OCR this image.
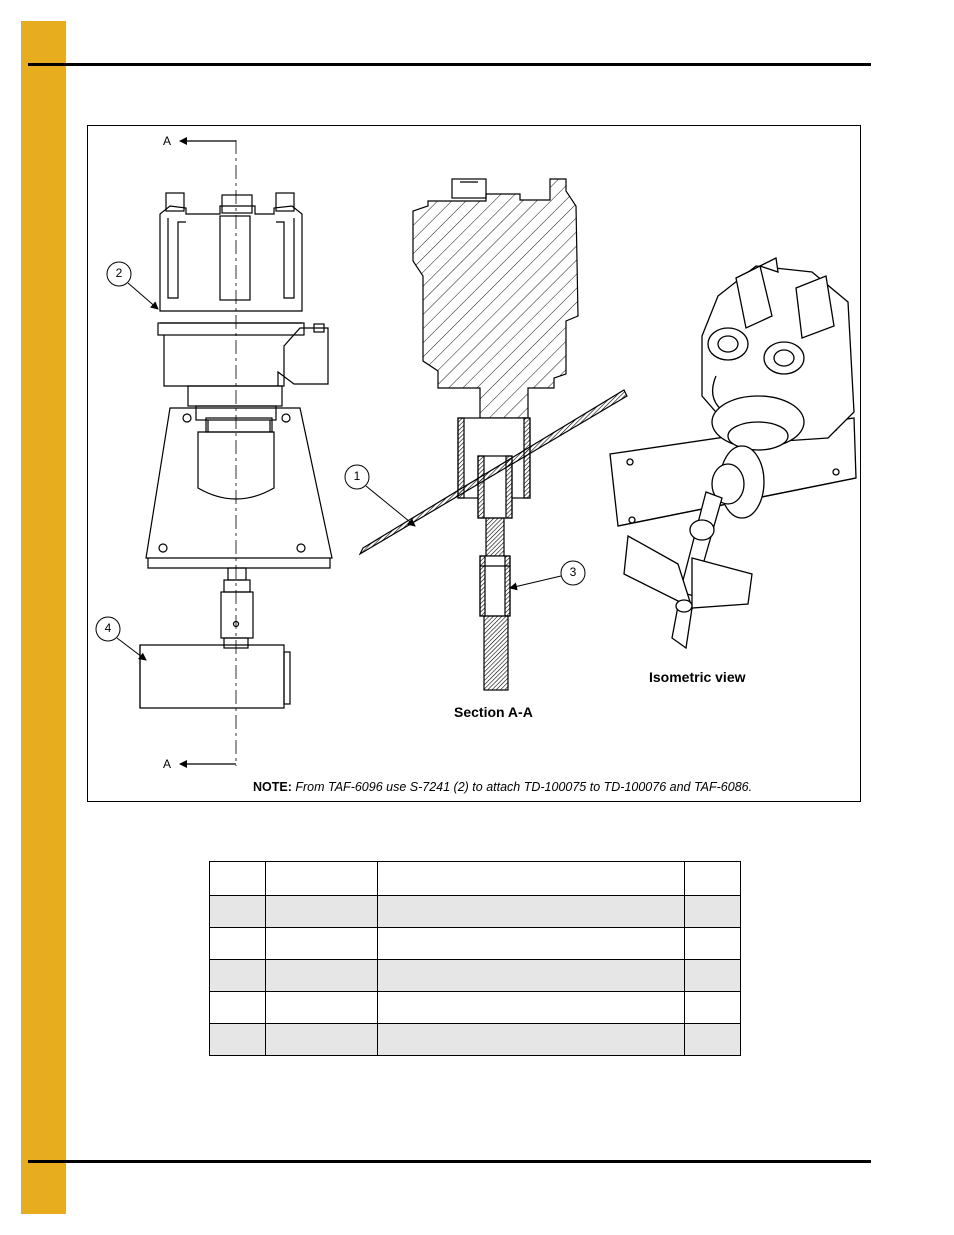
A
A
1
2
3
4
Section A-A
Isometric view
NOTE: From TAF-6096 use S-7241 (2) to attach TD-100075 to TD-100076 and TAF-6086.
